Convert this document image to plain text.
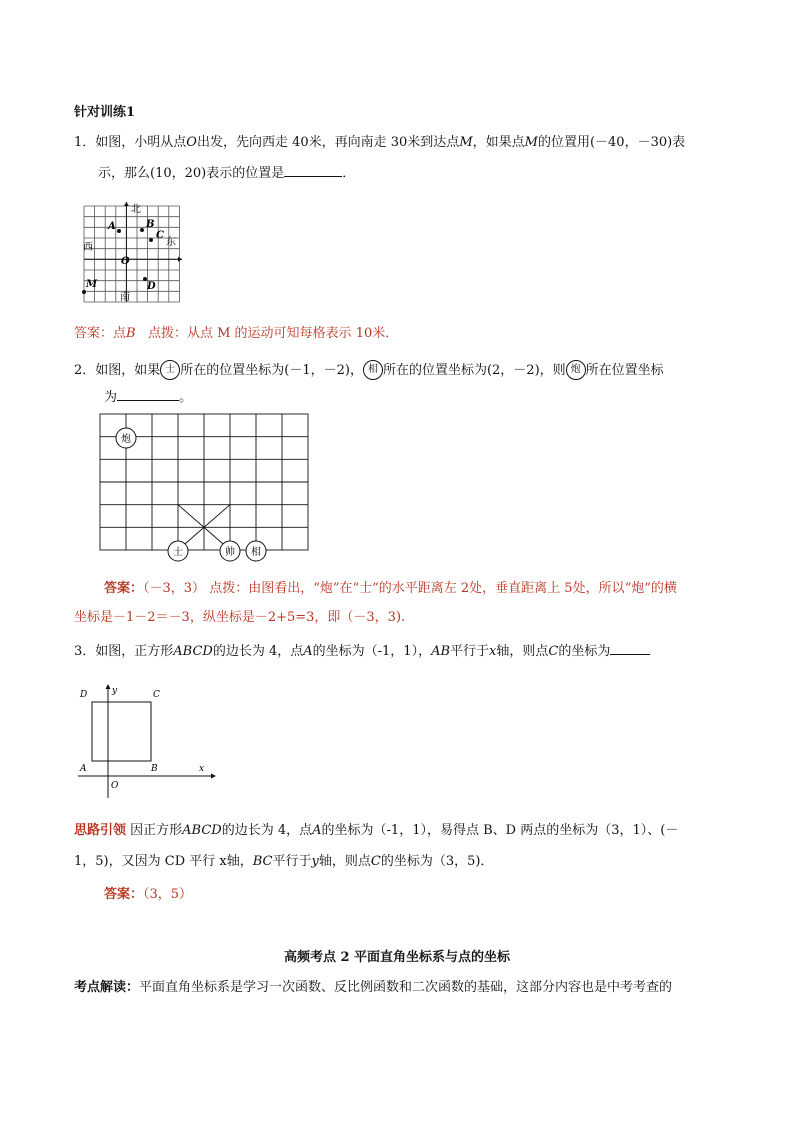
针对训练1
1．如图，小明从点O出发，先向西走 40米，再向南走 30米到达点M，如果点M的位置用(－40，－30)表
示，那么(10，20)表示的位置是	．
北
南
西	东
A	B
C
O
D
M
答案：点B 点拨：从点 M 的运动可知每格表示 10米．
2．如图，如果 士 所在的位置坐标为(－1，－2)， 相 所在的位置坐标为(2，－2)，则 炮 所在位置坐标
为	。
炮
士	帅 相
答案：（－3，3） 点拨：由图看出，“炮”在“士”的水平距离左 2处，垂直距离上 5处，所以“炮”的横
坐标是－1－2＝－3，纵坐标是－2+5=3，即（－3，3).
3．如图，正方形ABCD的边长为 4，点A的坐标为（-1，1），AB平行于x轴，则点C的坐标为
D	y	C
A	B	x
O
思路引领 因正方形ABCD的边长为 4，点A的坐标为（-1，1），易得点 B、D 两点的坐标为（3，1）、(－
1，5)，又因为 CD 平行 x轴，BC平行于y轴，则点C的坐标为（3，5)．
答案：（3，5）
高频考点 2 平面直角坐标系与点的坐标
考点解读：平面直角坐标系是学习一次函数、反比例函数和二次函数的基础，这部分内容也是中考考查的
